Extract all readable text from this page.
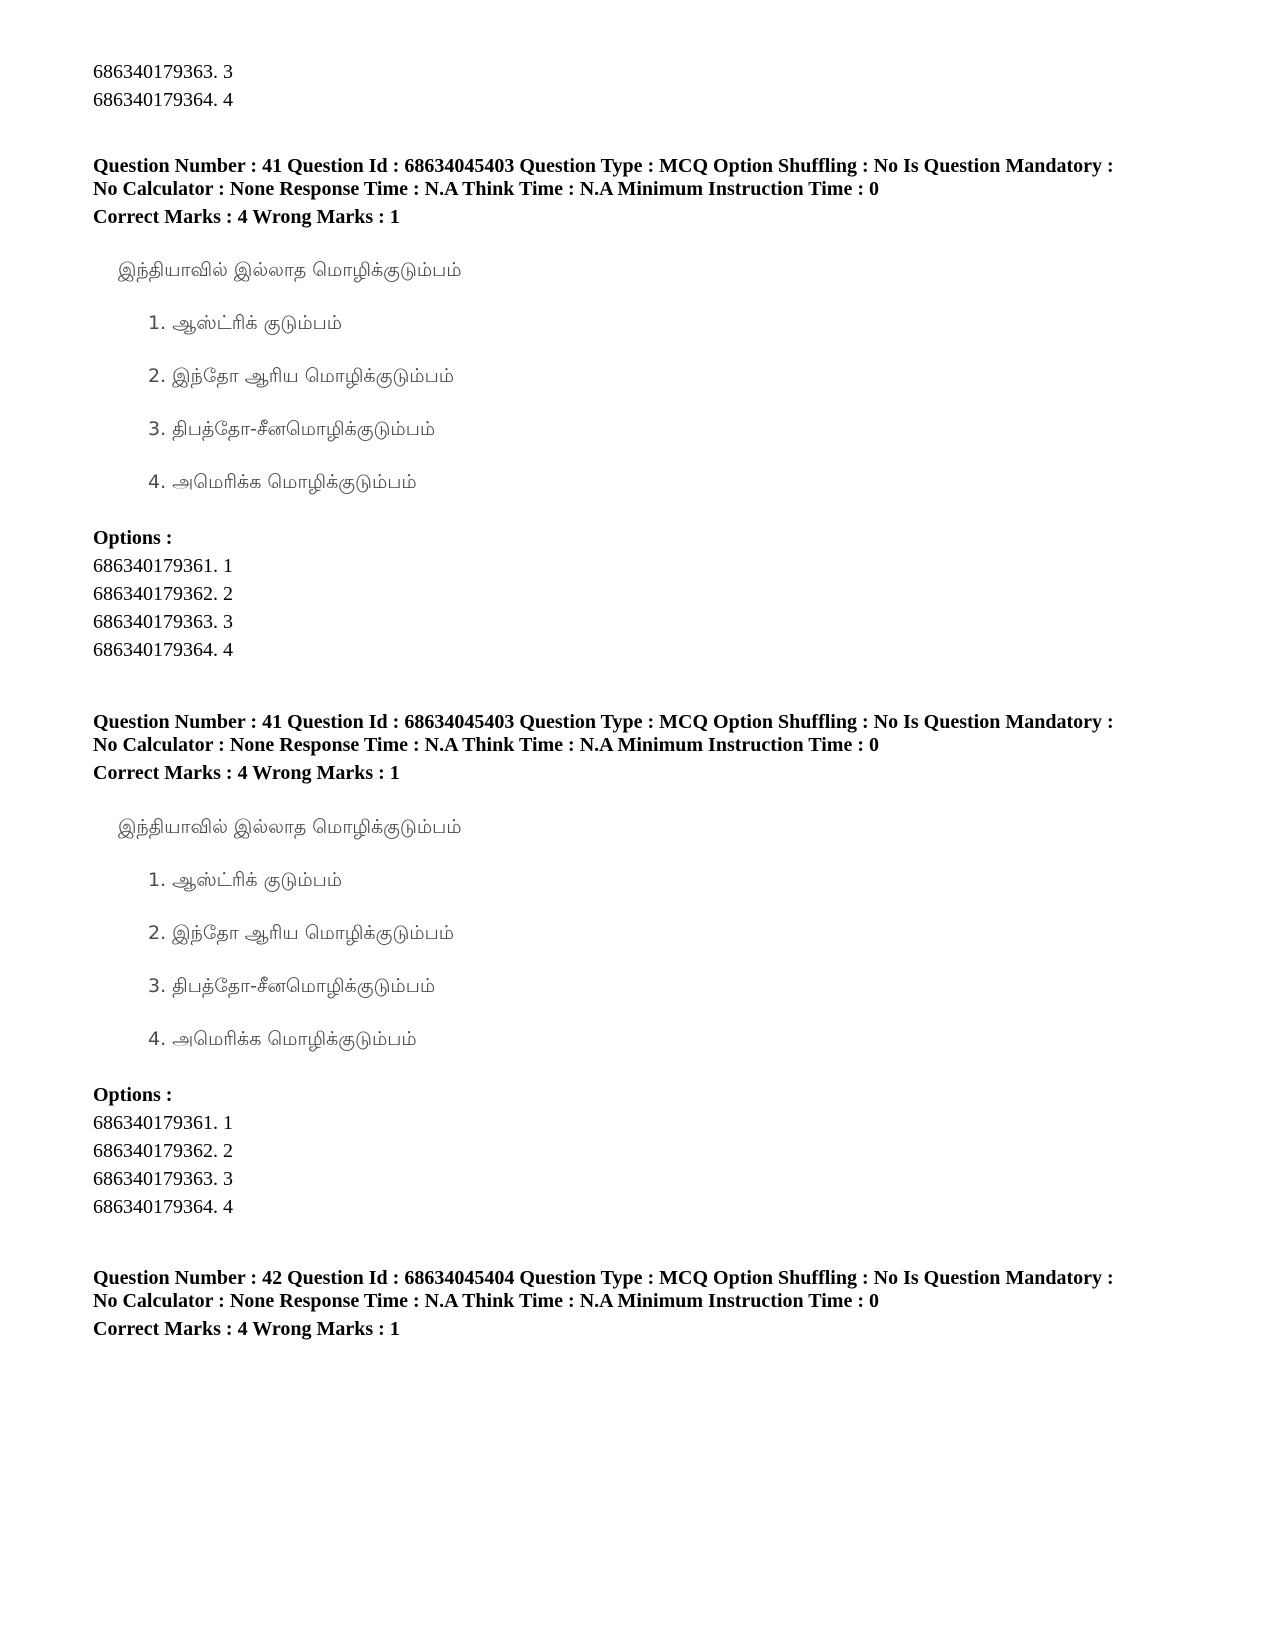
686340179363. 3
686340179364. 4
Question Number : 41 Question Id : 68634045403 Question Type : MCQ Option Shuffling : No Is Question Mandatory :
No Calculator : None Response Time : N.A Think Time : N.A Minimum Instruction Time : 0
Correct Marks : 4 Wrong Marks : 1
இந்தியாவில் இல்லாத மொழிக்குடும்பம்
1. ஆஸ்ட்ரிக் குடும்பம்
2. இந்தோ ஆரிய மொழிக்குடும்பம்
3. திபத்தோ-சீனமொழிக்குடும்பம்
4. அமெரிக்க மொழிக்குடும்பம்
Options :
686340179361. 1
686340179362. 2
686340179363. 3
686340179364. 4
Question Number : 41 Question Id : 68634045403 Question Type : MCQ Option Shuffling : No Is Question Mandatory :
No Calculator : None Response Time : N.A Think Time : N.A Minimum Instruction Time : 0
Correct Marks : 4 Wrong Marks : 1
இந்தியாவில் இல்லாத மொழிக்குடும்பம்
1. ஆஸ்ட்ரிக் குடும்பம்
2. இந்தோ ஆரிய மொழிக்குடும்பம்
3. திபத்தோ-சீனமொழிக்குடும்பம்
4. அமெரிக்க மொழிக்குடும்பம்
Options :
686340179361. 1
686340179362. 2
686340179363. 3
686340179364. 4
Question Number : 42 Question Id : 68634045404 Question Type : MCQ Option Shuffling : No Is Question Mandatory :
No Calculator : None Response Time : N.A Think Time : N.A Minimum Instruction Time : 0
Correct Marks : 4 Wrong Marks : 1
